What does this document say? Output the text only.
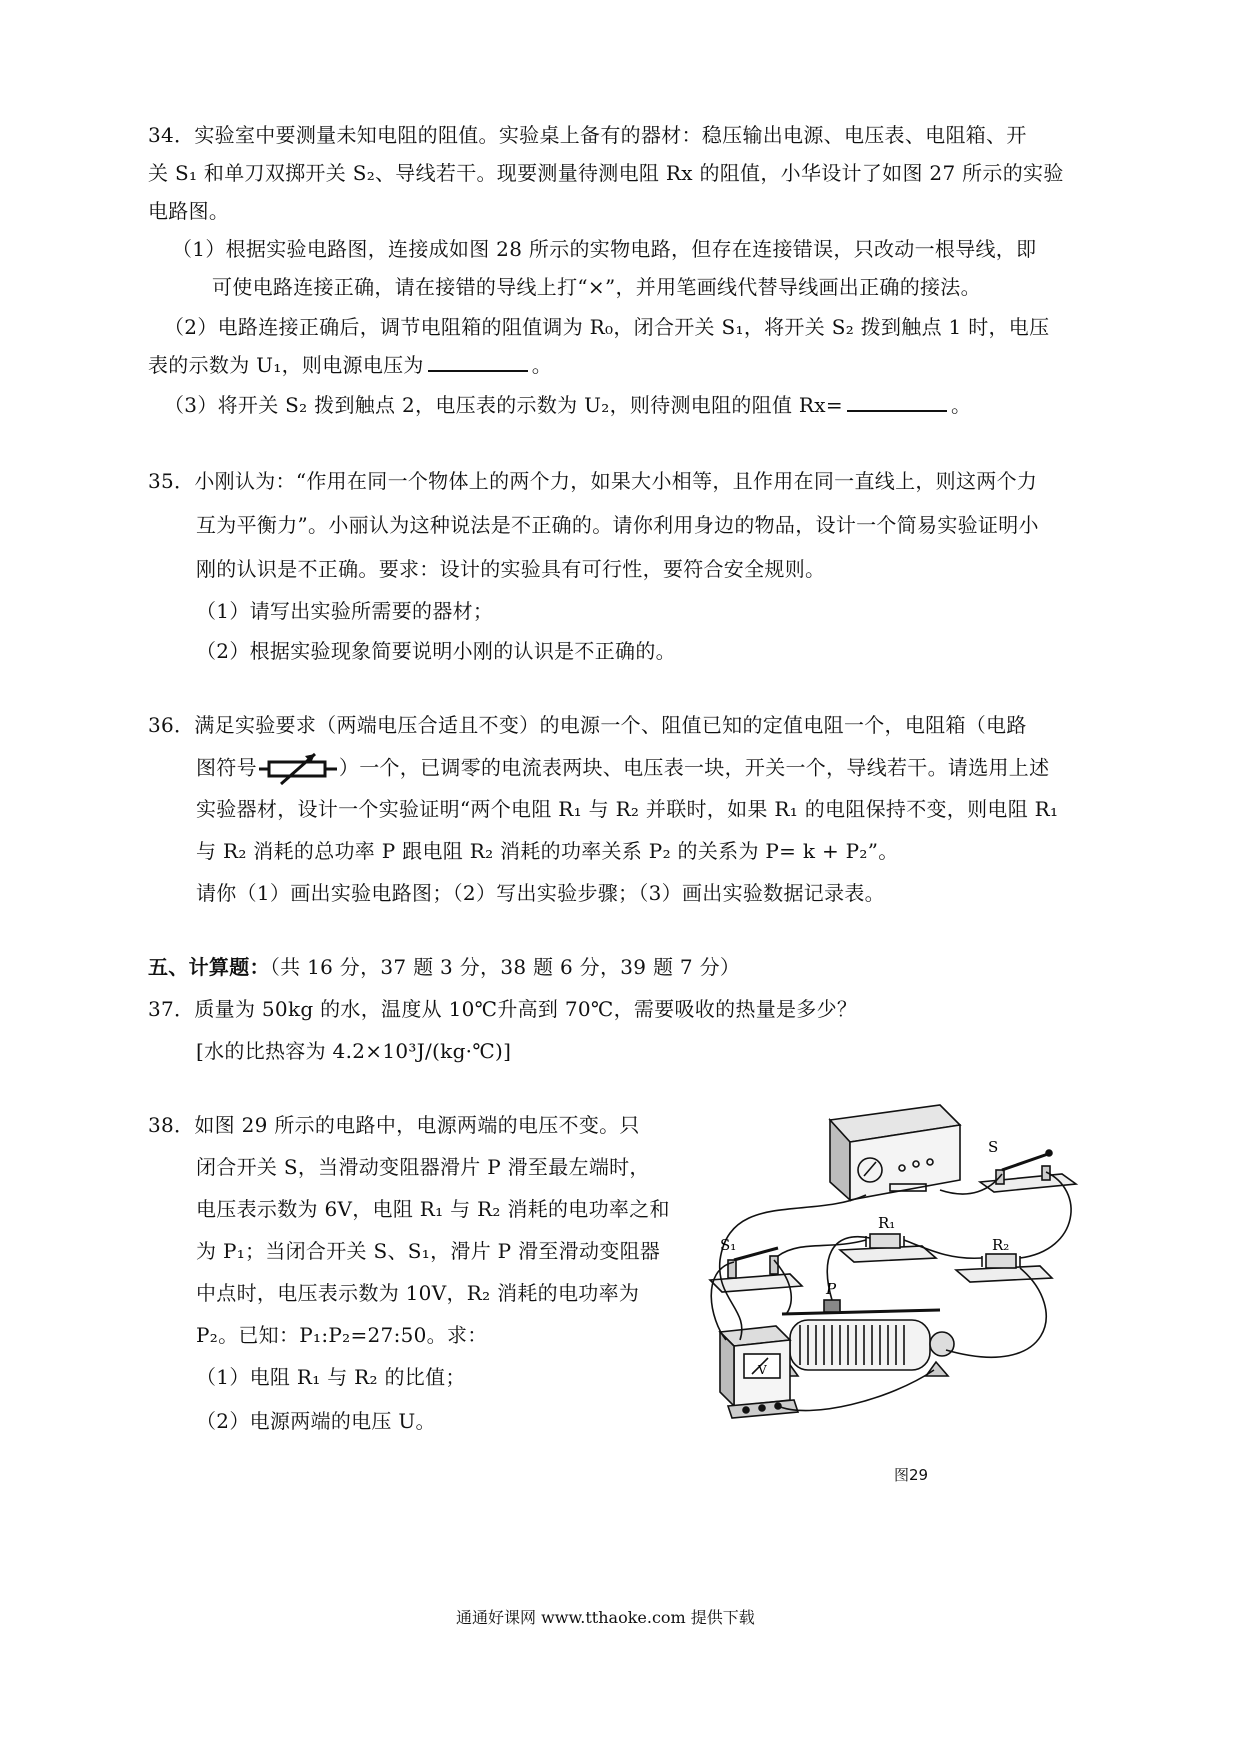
34．实验室中要测量未知电阻的阻值。实验桌上备有的器材：稳压输出电源、电压表、电阻箱、开
关 S₁ 和单刀双掷开关 S₂、导线若干。现要测量待测电阻 Rx 的阻值，小华设计了如图 27 所示的实验
电路图。
（1）根据实验电路图，连接成如图 28 所示的实物电路，但存在连接错误，只改动一根导线，即
可使电路连接正确，请在接错的导线上打“×”，并用笔画线代替导线画出正确的接法。
（2）电路连接正确后，调节电阻箱的阻值调为 R₀，闭合开关 S₁，将开关 S₂ 拨到触点 1 时，电压
表的示数为 U₁，则电源电压为	。
（3）将开关 S₂ 拨到触点 2，电压表的示数为 U₂，则待测电阻的阻值 Rx=	。
35．小刚认为：“作用在同一个物体上的两个力，如果大小相等，且作用在同一直线上，则这两个力
互为平衡力”。小丽认为这种说法是不正确的。请你利用身边的物品，设计一个简易实验证明小
刚的认识是不正确。要求：设计的实验具有可行性，要符合安全规则。
（1）请写出实验所需要的器材；
（2）根据实验现象简要说明小刚的认识是不正确的。
36．满足实验要求（两端电压合适且不变）的电源一个、阻值已知的定值电阻一个，电阻箱（电路
图符号	）一个，已调零的电流表两块、电压表一块，开关一个，导线若干。请选用上述
实验器材，设计一个实验证明“两个电阻 R₁ 与 R₂ 并联时，如果 R₁ 的电阻保持不变，则电阻 R₁
与 R₂ 消耗的总功率 P 跟电阻 R₂ 消耗的功率关系 P₂ 的关系为 P= k + P₂”。
请你（1）画出实验电路图；（2）写出实验步骤；（3）画出实验数据记录表。
五、计算题：（共 16 分，37 题 3 分，38 题 6 分，39 题 7 分）
37．质量为 50kg 的水，温度从 10℃升高到 70℃，需要吸收的热量是多少？
[水的比热容为 4.2×10³J/(kg·℃)]
38．如图 29 所示的电路中，电源两端的电压不变。只
闭合开关 S，当滑动变阻器滑片 P 滑至最左端时，
电压表示数为 6V，电阻 R₁ 与 R₂ 消耗的电功率之和
为 P₁；当闭合开关 S、S₁，滑片 P 滑至滑动变阻器
中点时，电压表示数为 10V，R₂ 消耗的电功率为
P₂。已知：P₁:P₂=27:50。求：
（1）电阻 R₁ 与 R₂ 的比值；
（2）电源两端的电压 U。
S
S₁
R₁
R₂
P
V
图29
通通好课网 www.tthaoke.com 提供下载
